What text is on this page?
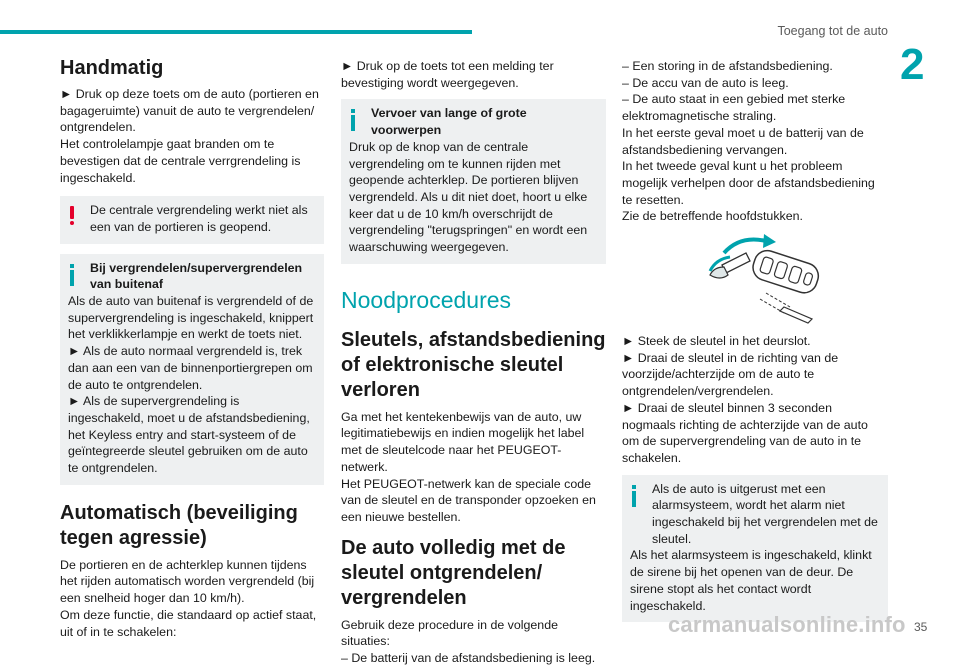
Toegang tot de auto
2
Handmatig
► Druk op deze toets om de auto (portieren en bagageruimte) vanuit de auto te vergrendelen/ ontgrendelen.
Het controlelampje gaat branden om te bevestigen dat de centrale verrgrendeling is ingeschakeld.
De centrale vergrendeling werkt niet als een van de portieren is geopend.
Bij vergrendelen/supervergrendelen van buitenaf
Als de auto van buitenaf is vergrendeld of de supervergrendeling is ingeschakeld, knippert het verklikkerlampje en werkt de toets niet.
► Als de auto normaal vergrendeld is, trek dan aan een van de binnenportiergrepen om de auto te ontgrendelen.
► Als de supervergrendeling is ingeschakeld, moet u de afstandsbediening, het Keyless entry and start-systeem of de geïntegreerde sleutel gebruiken om de auto te ontgrendelen.
Automatisch (beveiliging tegen agressie)
De portieren en de achterklep kunnen tijdens het rijden automatisch worden vergrendeld (bij een snelheid hoger dan 10 km/h).
Om deze functie, die standaard op actief staat, uit of in te schakelen:
► Druk op de toets tot een melding ter bevestiging wordt weergegeven.
Vervoer van lange of grote voorwerpen
Druk op de knop van de centrale vergrendeling om te kunnen rijden met geopende achterklep. De portieren blijven vergrendeld. Als u dit niet doet, hoort u elke keer dat u de 10 km/h overschrijdt de vergrendeling "terugspringen" en wordt een waarschuwing weergegeven.
Noodprocedures
Sleutels, afstandsbediening of elektronische sleutel verloren
Ga met het kentekenbewijs van de auto, uw legitimatiebewijs en indien mogelijk het label met de sleutelcode naar het PEUGEOT-netwerk.
Het PEUGEOT-netwerk kan de speciale code van de sleutel en de transponder opzoeken en een nieuwe bestellen.
De auto volledig met de sleutel ontgrendelen/ vergrendelen
Gebruik deze procedure in de volgende situaties:
– De batterij van de afstandsbediening is leeg.
– Een storing in de afstandsbediening.
– De accu van de auto is leeg.
– De auto staat in een gebied met sterke elektromagnetische straling.
In het eerste geval moet u de batterij van de afstandsbediening vervangen.
In het tweede geval kunt u het probleem mogelijk verhelpen door de afstandsbediening te resetten.
Zie de betreffende hoofdstukken.
► Steek de sleutel in het deurslot.
► Draai de sleutel in de richting van de voorzijde/achterzijde om de auto te ontgrendelen/vergrendelen.
► Draai de sleutel binnen 3 seconden nogmaals richting de achterzijde van de auto om de supervergrendeling van de auto in te schakelen.
Als de auto is uitgerust met een alarmsysteem, wordt het alarm niet ingeschakeld bij het vergrendelen met de sleutel.
Als het alarmsysteem is ingeschakeld, klinkt de sirene bij het openen van de deur. De sirene stopt als het contact wordt ingeschakeld.
carmanualsonline.info 35
